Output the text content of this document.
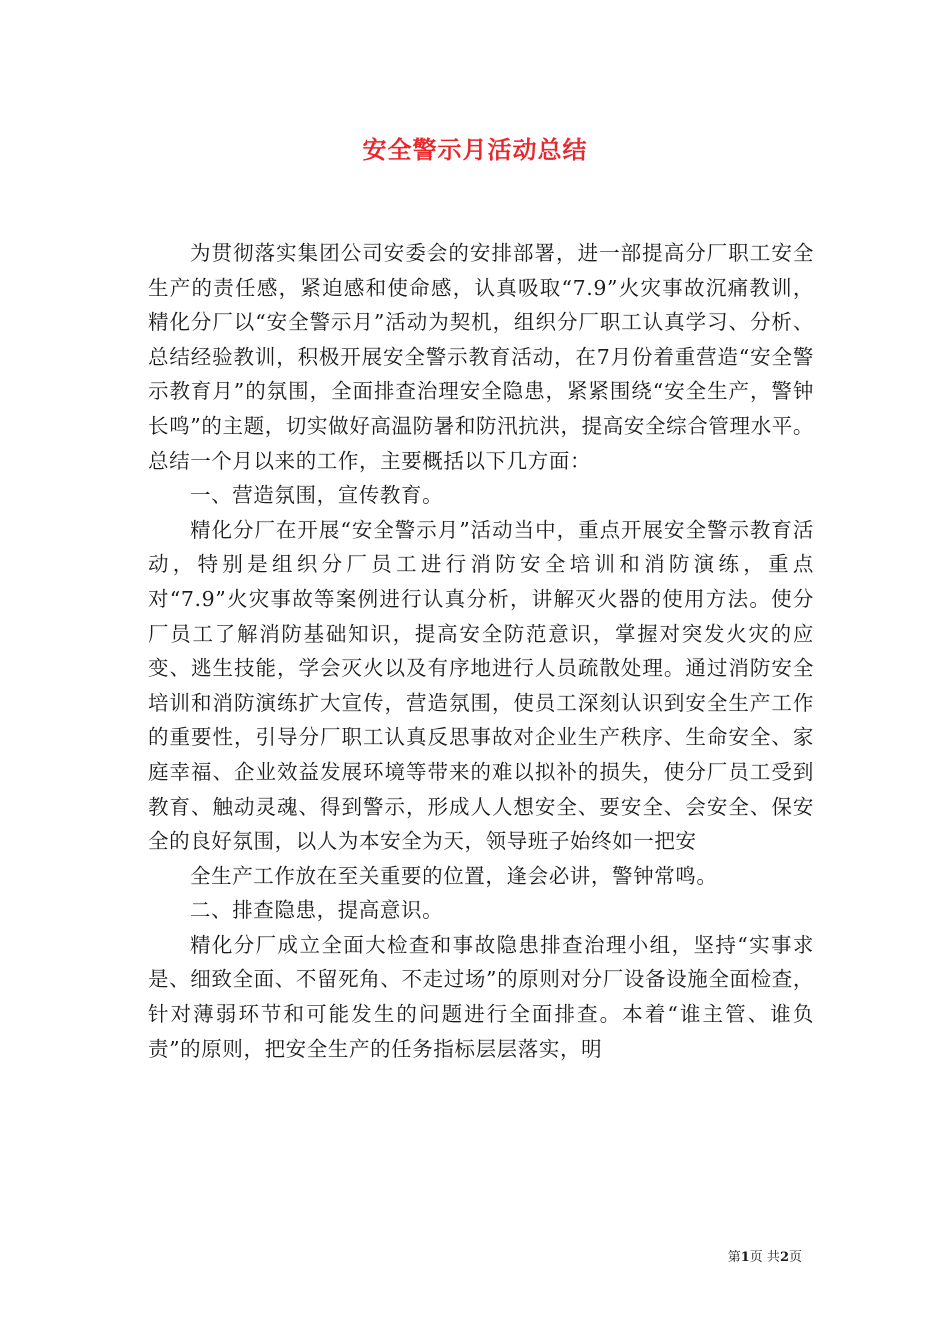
安全警示月活动总结

为贯彻落实集团公司安委会的安排部署，进一部提高分厂职工安全生产的责任感，紧迫感和使命感，认真吸取“7.9”火灾事故沉痛教训，精化分厂以“安全警示月”活动为契机，组织分厂职工认真学习、分析、总结经验教训，积极开展安全警示教育活动，在7月份着重营造“安全警示教育月”的氛围，全面排查治理安全隐患，紧紧围绕“安全生产，警钟长鸣”的主题，切实做好高温防暑和防汛抗洪，提高安全综合管理水平。总结一个月以来的工作，主要概括以下几方面：

一、营造氛围，宣传教育。

精化分厂在开展“安全警示月”活动当中，重点开展安全警示教育活动，特别是组织分厂员工进行消防安全培训和消防演练，重点对“7.9”火灾事故等案例进行认真分析，讲解灭火器的使用方法。使分厂员工了解消防基础知识，提高安全防范意识，掌握对突发火灾的应变、逃生技能，学会灭火以及有序地进行人员疏散处理。通过消防安全培训和消防演练扩大宣传，营造氛围，使员工深刻认识到安全生产工作的重要性，引导分厂职工认真反思事故对企业生产秩序、生命安全、家庭幸福、企业效益发展环境等带来的难以拟补的损失，使分厂员工受到教育、触动灵魂、得到警示，形成人人想安全、要安全、会安全、保安全的良好氛围，以人为本安全为天，领导班子始终如一把安

全生产工作放在至关重要的位置，逢会必讲，警钟常鸣。

二、排查隐患，提高意识。

精化分厂成立全面大检查和事故隐患排查治理小组，坚持“实事求是、细致全面、不留死角、不走过场”的原则对分厂设备设施全面检查，针对薄弱环节和可能发生的问题进行全面排查。本着“谁主管、谁负责”的原则，把安全生产的任务指标层层落实，明

第1页 共2页
